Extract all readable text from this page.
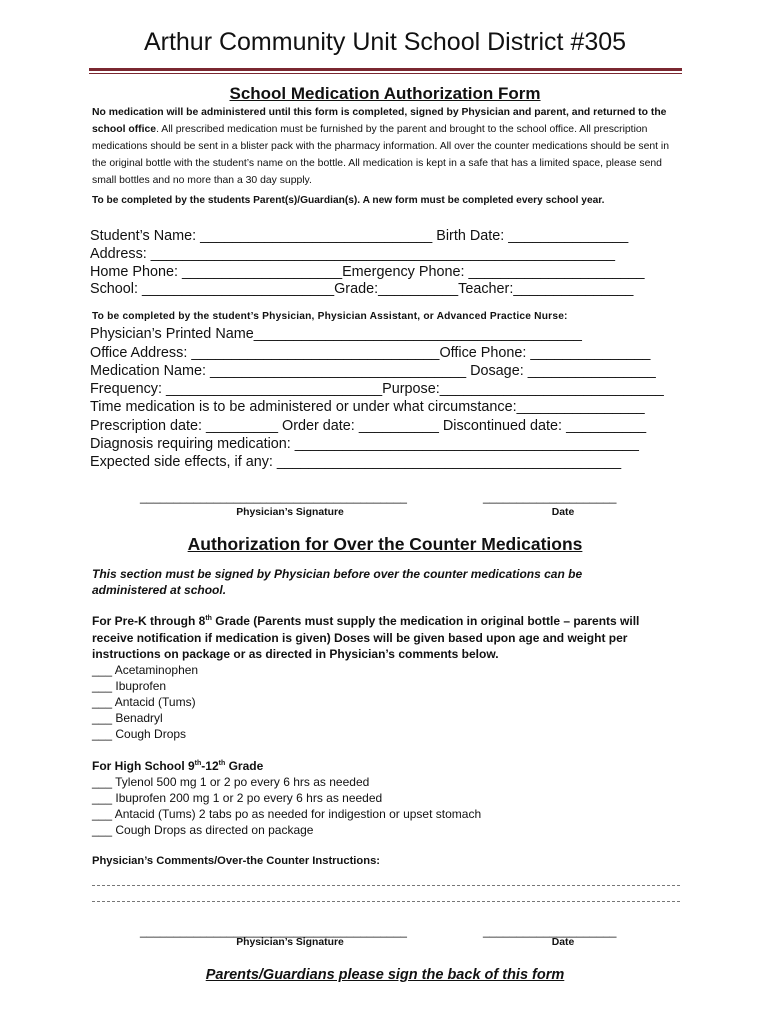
Arthur Community Unit School District #305
School Medication Authorization Form
No medication will be administered until this form is completed, signed by Physician and parent, and returned to the school office. All prescribed medication must be furnished by the parent and brought to the school office. All prescription medications should be sent in a blister pack with the pharmacy information. All over the counter medications should be sent in the original bottle with the student’s name on the bottle. All medication is kept in a safe that has a limited space, please send small bottles and no more than a 30 day supply.
To be completed by the students Parent(s)/Guardian(s). A new form must be completed every school year.
Student’s Name: _____________________________ Birth Date: _______________
Address: __________________________________________________________
Home Phone: ____________________Emergency Phone: ______________________
School: ________________________Grade:__________Teacher:_______________
To be completed by the student’s Physician, Physician Assistant, or Advanced Practice Nurse:
Physician’s Printed Name_________________________________________
Office Address: _______________________________Office Phone: _______________
Medication Name: ________________________________ Dosage: ________________
Frequency: ___________________________Purpose:____________________________
Time medication is to be administered or under what circumstance:________________
Prescription date: _________ Order date: __________ Discontinued date: __________
Diagnosis requiring medication: ___________________________________________
Expected side effects, if any: ___________________________________________
________________________________________
Physician’s Signature
____________________
Date
Authorization for Over the Counter Medications
This section must be signed by Physician before over the counter medications can be
administered at school.
For Pre-K through 8th Grade (Parents must supply the medication in original bottle – parents will
receive notification if medication is given) Doses will be given based upon age and weight per
instructions on package or as directed in Physician’s comments below.
___ Acetaminophen
___ Ibuprofen
___ Antacid (Tums)
___ Benadryl
___ Cough Drops
For High School 9th-12th Grade
___ Tylenol 500 mg 1 or 2 po every 6 hrs as needed
___ Ibuprofen 200 mg 1 or 2 po every 6 hrs as needed
___ Antacid (Tums) 2 tabs po as needed for indigestion or upset stomach
___ Cough Drops as directed on package
Physician’s Comments/Over-the Counter Instructions:
________________________________________
Physician’s Signature
____________________
Date
Parents/Guardians please sign the back of this form
